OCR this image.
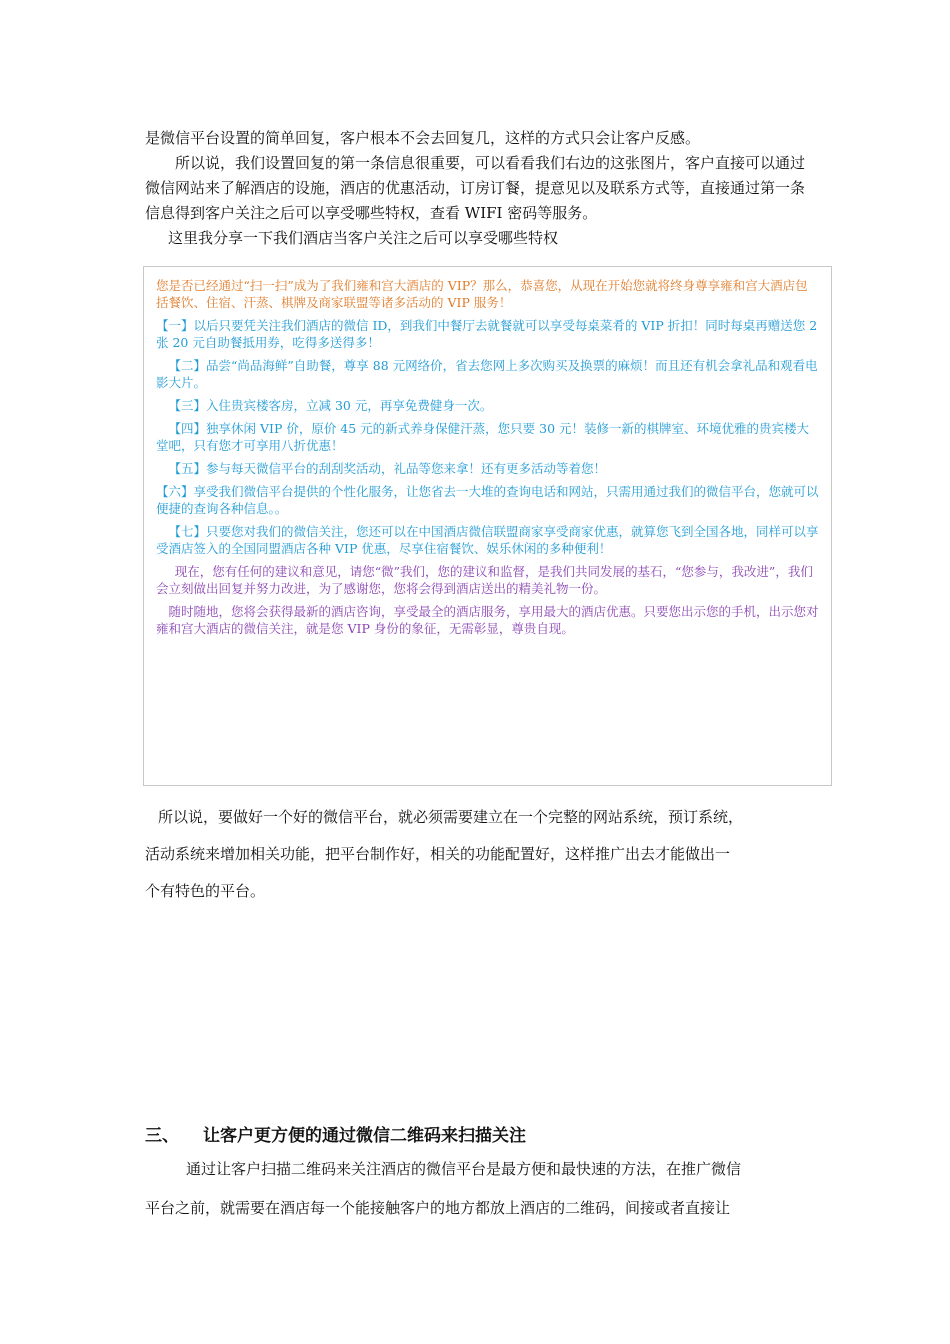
是微信平台设置的简单回复，客户根本不会去回复几，这样的方式只会让客户反感。

所以说，我们设置回复的第一条信息很重要，可以看看我们右边的这张图片，客户直接可以通过微信网站来了解酒店的设施，酒店的优惠活动，订房订餐，提意见以及联系方式等，直接通过第一条信息得到客户关注之后可以享受哪些特权，查看 WIFI 密码等服务。

这里我分享一下我们酒店当客户关注之后可以享受哪些特权

您是否已经通过“扫一扫”成为了我们雍和宫大酒店的 VIP？那么，恭喜您，从现在开始您就将终身尊享雍和宫大酒店包括餐饮、住宿、汗蒸、棋牌及商家联盟等诸多活动的 VIP 服务！

【一】以后只要凭关注我们酒店的微信 ID，到我们中餐厅去就餐就可以享受每桌菜肴的 VIP 折扣！同时每桌再赠送您 2 张 20 元自助餐抵用券，吃得多送得多！

【二】品尝“尚品海鲜”自助餐，尊享 88 元网络价，省去您网上多次购买及换票的麻烦！而且还有机会拿礼品和观看电影大片。

【三】入住贵宾楼客房，立减 30 元，再享免费健身一次。

【四】独享休闲 VIP 价，原价 45 元的新式养身保健汗蒸，您只要 30 元！装修一新的棋牌室、环境优雅的贵宾楼大堂吧，只有您才可享用八折优惠！

【五】参与每天微信平台的刮刮奖活动，礼品等您来拿！还有更多活动等着您！

【六】享受我们微信平台提供的个性化服务，让您省去一大堆的查询电话和网站，只需用通过我们的微信平台，您就可以便捷的查询各种信息。。

【七】只要您对我们的微信关注，您还可以在中国酒店微信联盟商家享受商家优惠，就算您飞到全国各地，同样可以享受酒店签入的全国同盟酒店各种 VIP 优惠，尽享住宿餐饮、娱乐休闲的多种便利！

现在，您有任何的建议和意见，请您“微”我们，您的建议和监督，是我们共同发展的基石，“您参与，我改进”，我们会立刻做出回复并努力改进，为了感谢您，您将会得到酒店送出的精美礼物一份。

随时随地，您将会获得最新的酒店咨询，享受最全的酒店服务，享用最大的酒店优惠。只要您出示您的手机，出示您对雍和宫大酒店的微信关注，就是您 VIP 身份的象征，无需彰显，尊贵自现。

所以说，要做好一个好的微信平台，就必须需要建立在一个完整的网站系统，预订系统，

活动系统来增加相关功能，把平台制作好，相关的功能配置好，这样推广出去才能做出一

个有特色的平台。

三、 让客户更方便的通过微信二维码来扫描关注

通过让客户扫描二维码来关注酒店的微信平台是最方便和最快速的方法，在推广微信

平台之前，就需要在酒店每一个能接触客户的地方都放上酒店的二维码，间接或者直接让
